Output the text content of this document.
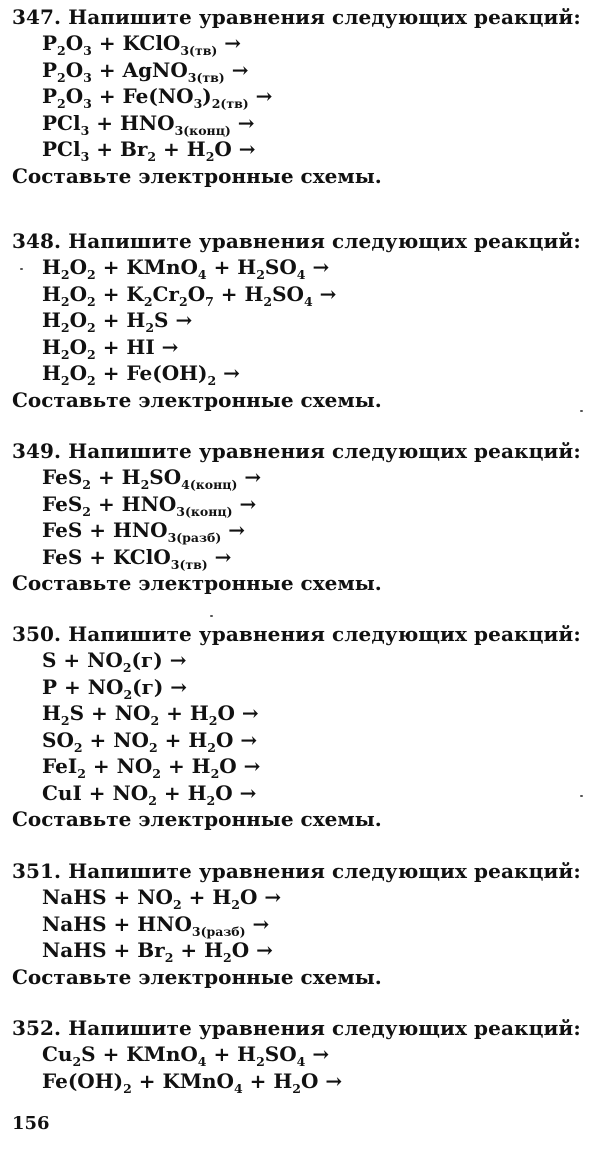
347. Напишите уравнения следующих реакций:
$P_2O_3$ + KClO$_{3(тв)}$ →
$P_2O_3$ + AgNO$_{3(тв)}$ →
$P_2O_3 + Fe(NO_3)_{2(тв)}$ →
$PCl_3 + HNO_{3(конц)}$ →
$PCl_3 + Br_2 + H_2O$ →
Составьте электронные схемы.
348. Напишите уравнения следующих реакций:
$H_2O_2$ + KMnO$_4$ + $H_2SO_4$ →
$H_2O_2 + K_2Cr_2O_7 + H_2SO_4$ →
$H_2O_2 + H_2S$ →
$H_2O_2$ + HI →
$H_2O_2 + Fe(OH)_2$ →
Составьте электронные схемы.
349. Напишите уравнения следующих реакций:
$FeS_2 + H_2SO_{4(конц)}$ →
$FeS_2 + HNO_{3(конц)}$ →
FeS + $HNO_{3(разб)}$ →
FeS + KClO$_{3(тв)}$ →
Составьте электронные схемы.
350. Напишите уравнения следующих реакций:
$S + NO_2(г)$ →
$P + NO_2(г)$ →
$H_2S + NO_2 + H_2O$ →
$SO_2 + NO_2 + H_2O$ →
$FeI_2 + NO_2 + H_2O$ →
CuI + $NO_2 + H_2O$ →
Составьте электронные схемы.
351. Напишите уравнения следующих реакций:
NaHS + $NO_2 + H_2O$ →
NaHS + $HNO_{3(разб)}$ →
NaHS + $Br_2 + H_2O$ →
Составьте электронные схемы.
352. Напишите уравнения следующих реакций:
$Cu_2S$ + KMnO$_4$ + $H_2SO_4$ →
$Fe(OH)_2$ + KMnO$_4$ + $H_2O$ →
156
